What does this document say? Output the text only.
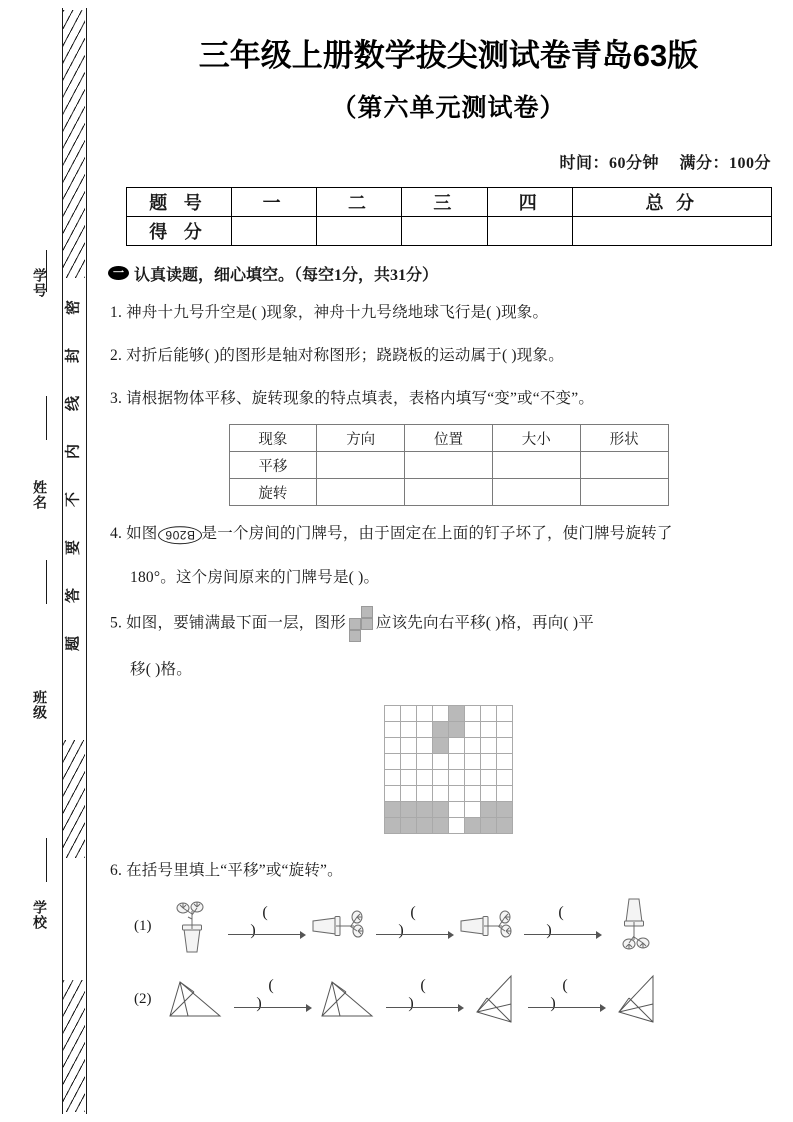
密
封
线
内
不
要
答
题
学号
姓名
班级
学校
三年级上册数学拔尖测试卷青岛63版
（第六单元测试卷）
时间：60分钟 满分：100分
题 号	一	二	三	四	总 分
得 分					
一 认真读题，细心填空。（每空1分，共31分）
1. 神舟十九号升空是( )现象，神舟十九号绕地球飞行是( )现象。
2. 对折后能够( )的图形是轴对称图形；跷跷板的运动属于( )现象。
3. 请根据物体平移、旋转现象的特点填表，表格内填写“变”或“不变”。
现象	方向	位置	大小	形状
平移				
旋转				
4. 如图 B206 是一个房间的门牌号，由于固定在上面的钉子坏了，使门牌号旋转了
180°。这个房间原来的门牌号是( )。
5. 如图，要铺满最下面一层，图形 应该先向右平移( )格，再向( )平
移( )格。

6. 在括号里填上“平移”或“旋转”。
(1)
( )
( )
( )
(2)
( )
( )
( )
